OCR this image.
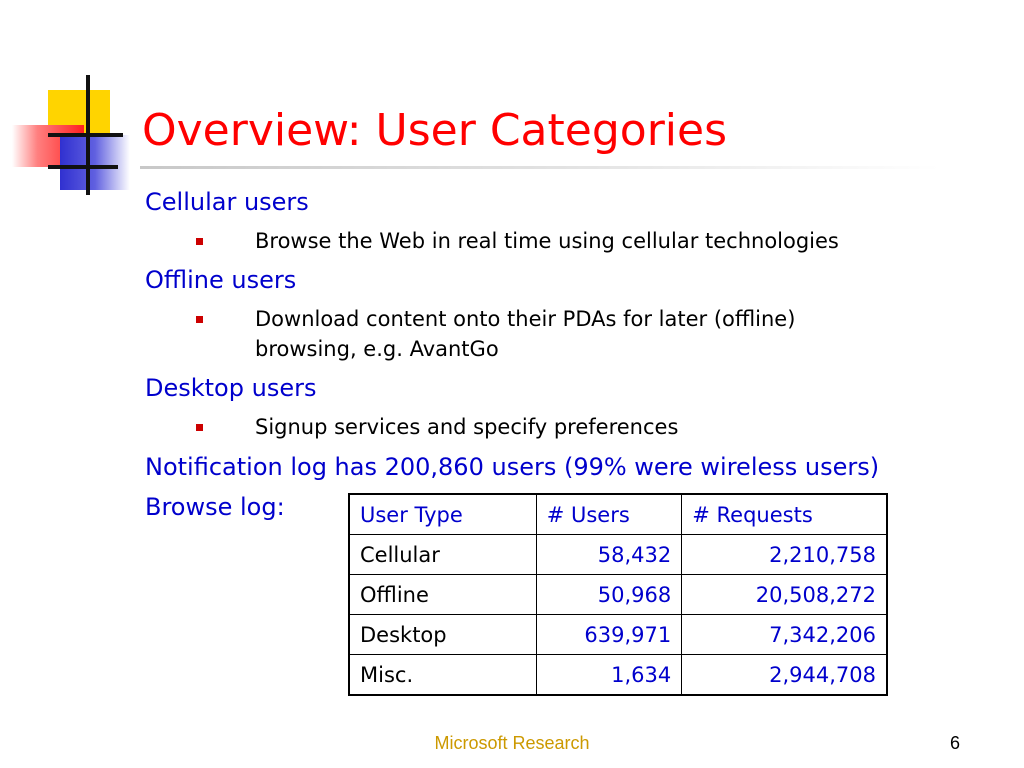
Overview: User Categories
Cellular users
Browse the Web in real time using cellular technologies
Offline users
Download content onto their PDAs for later (offline)
browsing, e.g. AvantGo
Desktop users
Signup services and specify preferences
Notification log has 200,860 users (99% were wireless users)
Browse log:	User Type	# Users	# Requests
Cellular	58,432	2,210,758
Offline	50,968	20,508,272
Desktop	639,971	7,342,206
Misc.	1,634	2,944,708
Microsoft Research	6
